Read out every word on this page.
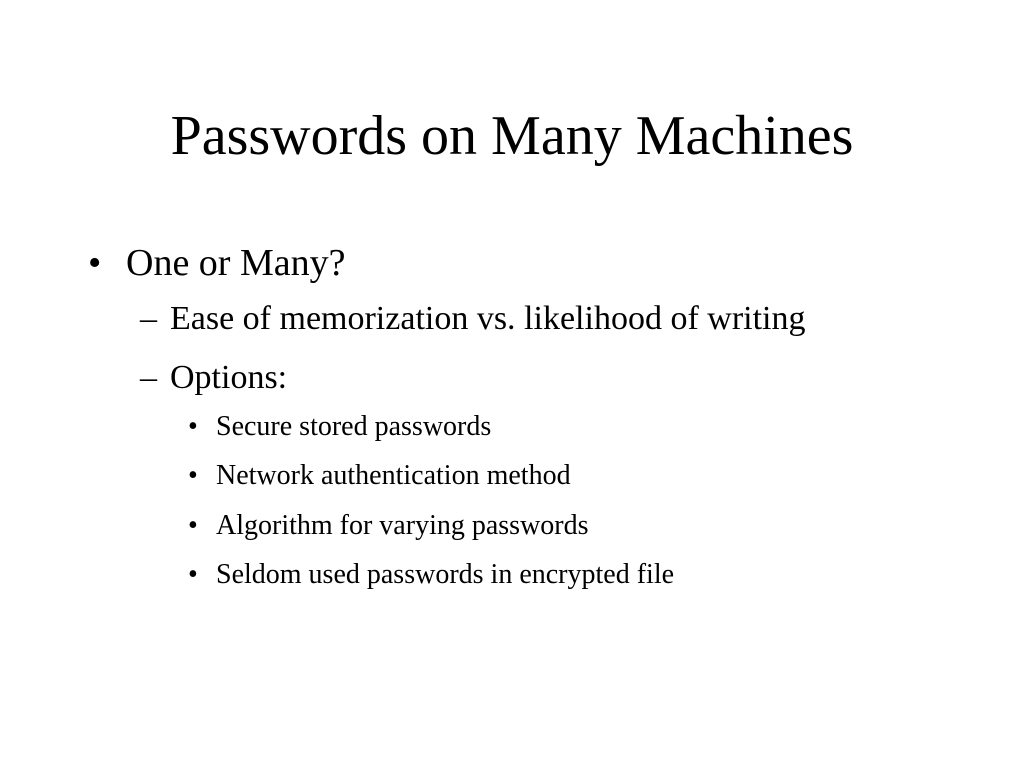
Passwords on Many Machines
• One or Many?
– Ease of memorization vs. likelihood of writing
– Options:
• Secure stored passwords
• Network authentication method
• Algorithm for varying passwords
• Seldom used passwords in encrypted file
